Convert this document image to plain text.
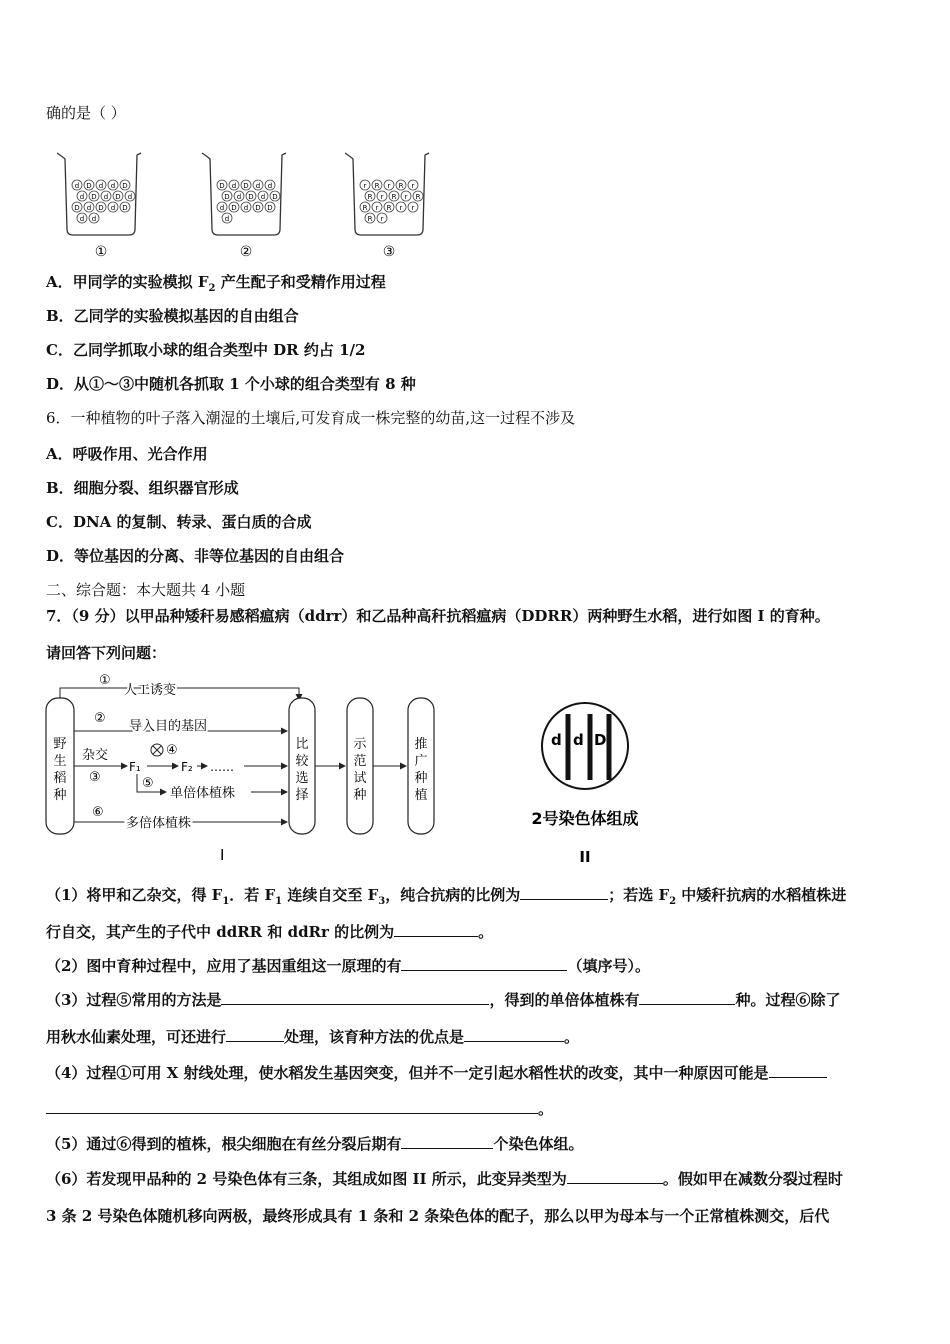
确的是（ ）
d D d d D
d D d D d
D d D d D
d d
①
D d D d d
D d D d D
d D d D D
d
②
r R r R r
R r R r R
R r R r r
R r
③
A．甲同学的实验模拟 $F_2$ 产生配子和受精作用过程
B．乙同学的实验模拟基因的自由组合
C．乙同学抓取小球的组合类型中 DR 约占 1/2
D．从①～③中随机各抓取 1 个小球的组合类型有 8 种
6．一种植物的叶子落入潮湿的土壤后,可发育成一株完整的幼苗,这一过程不涉及
A．呼吸作用、光合作用
B．细胞分裂、组织器官形成
C．DNA 的复制、转录、蛋白质的合成
D．等位基因的分离、非等位基因的自由组合
二、综合题：本大题共 4 小题
7．（9 分）以甲品种矮秆易感稻瘟病（ddrr）和乙品种高秆抗稻瘟病（DDRR）两种野生水稻，进行如图 I 的育种。
请回答下列问题：
野
生
稻
种
①
人工诱变
②
导入目的基因
杂交
③
F₁
④
F₂ ……
⑤
单倍体植株
⑥
多倍体植株
比
较
选
择
示
范
试
种
推
广
种
植
I
d d D
2号染色体组成
II
（1）将甲和乙杂交，得 $F_1$．若 $F_1$ 连续自交至 $F_3$，纯合抗病的比例为	；若选 $F_2$ 中矮秆抗病的水稻植株进
行自交，其产生的子代中 ddRR 和 ddRr 的比例为	。
（2）图中育种过程中，应用了基因重组这一原理的有	（填序号）。
（3）过程⑤常用的方法是	，得到的单倍体植株有	种。过程⑥除了
用秋水仙素处理，可还进行	处理，该育种方法的优点是	。
（4）过程①可用 X 射线处理，使水稻发生基因突变，但并不一定引起水稻性状的改变，其中一种原因可能是
。
（5）通过⑥得到的植株，根尖细胞在有丝分裂后期有	个染色体组。
（6）若发现甲品种的 2 号染色体有三条，其组成如图 II 所示，此变异类型为	。假如甲在减数分裂过程时
3 条 2 号染色体随机移向两极，最终形成具有 1 条和 2 条染色体的配子，那么以甲为母本与一个正常植株测交，后代
